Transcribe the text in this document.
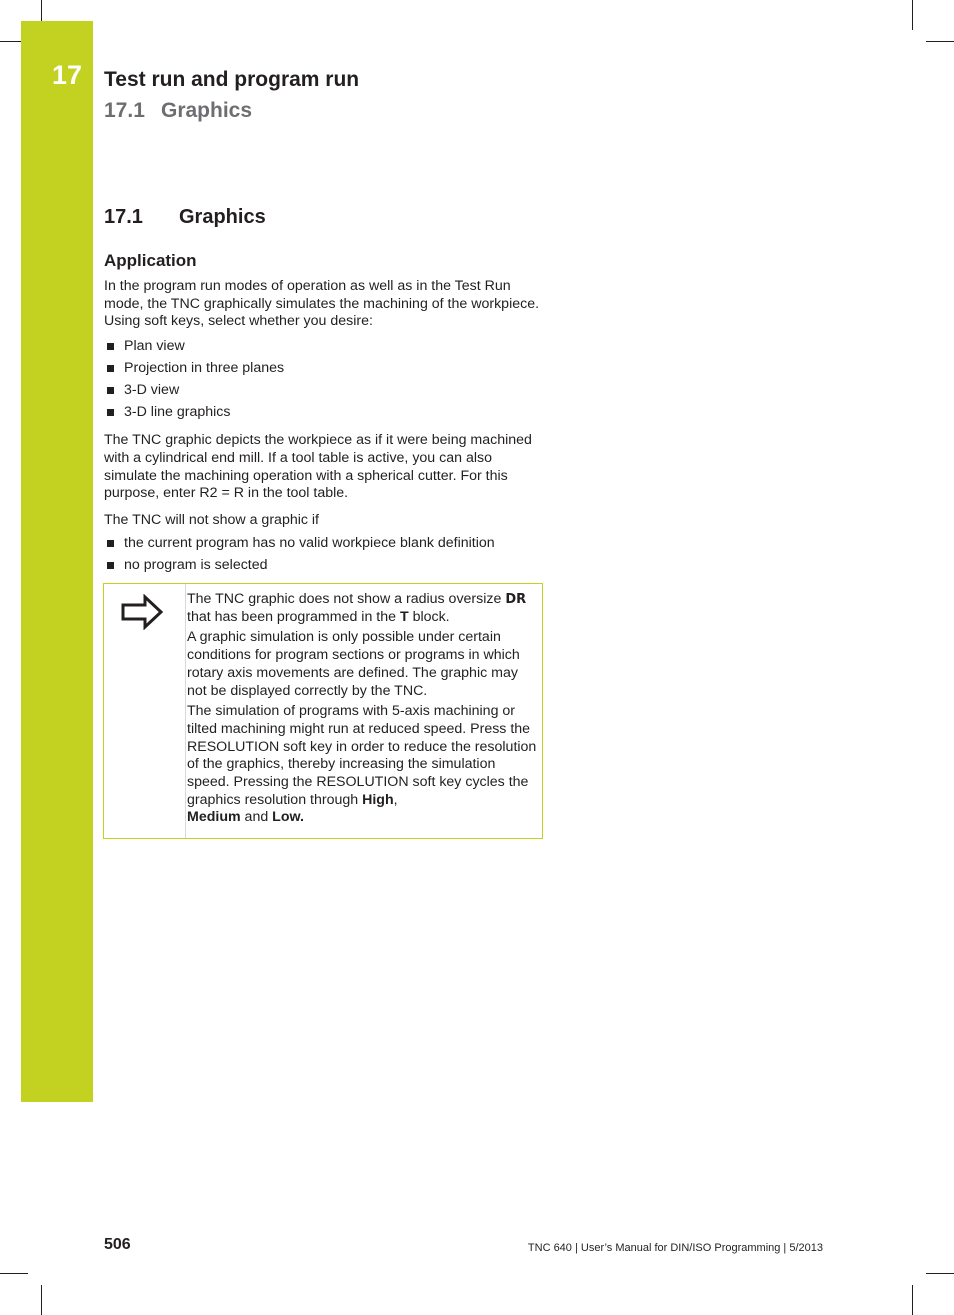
17 Test run and program run
17.1 Graphics
17.1 Graphics
Application

In the program run modes of operation as well as in the Test Run mode, the TNC graphically simulates the machining of the workpiece. Using soft keys, select whether you desire:

Plan view
Projection in three planes
3-D view
3-D line graphics

The TNC graphic depicts the workpiece as if it were being machined with a cylindrical end mill. If a tool table is active, you can also simulate the machining operation with a spherical cutter. For this purpose, enter R2 = R in the tool table.

The TNC will not show a graphic if

the current program has no valid workpiece blank definition
no program is selected

The TNC graphic does not show a radius oversize DR
that has been programmed in the T block.

A graphic simulation is only possible under certain conditions for program sections or programs in which rotary axis movements are defined. The graphic may not be displayed correctly by the TNC.

The simulation of programs with 5-axis machining or tilted machining might run at reduced speed. Press the RESOLUTION soft key in order to reduce the resolution of the graphics, thereby increasing the simulation speed. Pressing the RESOLUTION soft key cycles the graphics resolution through High,
Medium and Low.

506	TNC 640 | User’s Manual for DIN/ISO Programming | 5/2013
